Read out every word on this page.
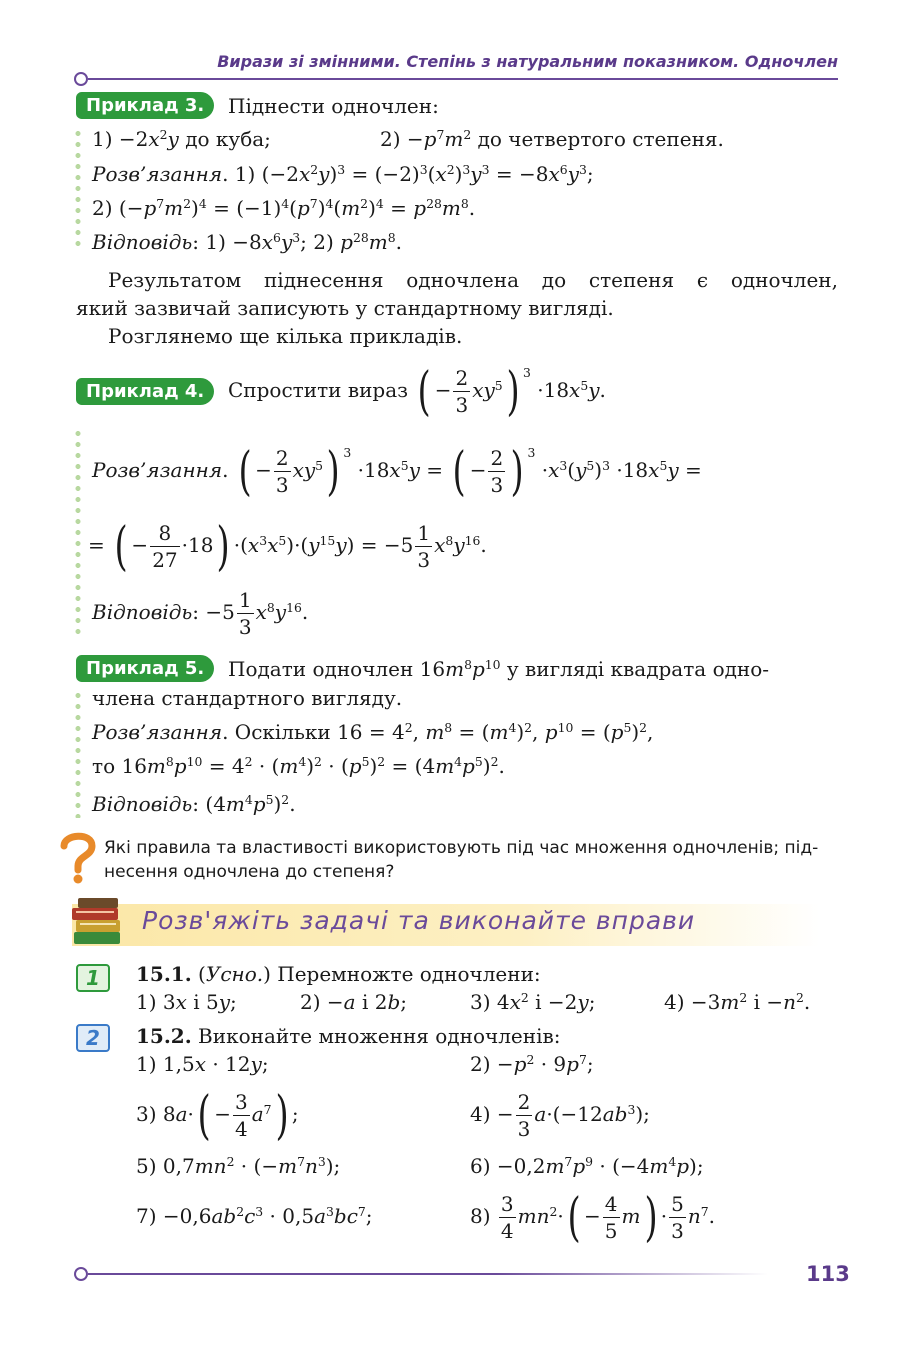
Вирази зі змінними. Степінь з натуральним показником. Одночлен
Приклад 3.	Піднести одночлен:
$1) -2x^2y$ до куба;	$2) -p^7m^2$ до четвертого степеня.
Розв’язання. 1) $(-2x^2y)^3 = (-2)^3(x^2)^3y^3 = -8x^6y^3$;
2) $(-p^7m^2)^4 = (-1)^4(p^7)^4(m^2)^4 = p^{28}m^8$.
Відповідь: $1) -8x^6y^3$; 2) $p^{28}m^8$.
Результатом піднесення одночлена до степеня є одночлен,
який зазвичай записують у стандартному вигляді.
Розглянемо ще кілька прикладів.
Приклад 4.	Спростити вираз ( − $\frac{2}{3} xy^5$) $^3 \cdot 18x^5y$.
Розв’язання. ( − $\frac{2}{3} xy^5$) $^3 \cdot 18x^5y$ = ( − $\frac{2}{3}$ ) $^3 \cdot x^3(y^5)^3 \cdot 18x^5y$ =
= ( − $\frac{8}{27} \cdot 18) \cdot(x^3x^5)\cdot(y^{15}y) = -5 \frac{1}{3} x^8y^{16}$.
Відповідь: $-5 \frac{1}{3} x^8y^{16}$.
Приклад 5.	Подати одночлен $16m^8p^{10}$ у вигляді квадрата одно-
члена стандартного вигляду.
Розв’язання. Оскільки $16 = 4^2$, $m^8 = (m^4)^2$, $p^{10} = (p^5)^2$,
то $16m^8p^{10} = 4^2 \cdot (m^4)^2 \cdot (p^5)^2 = (4m^4p^5)^2$.
Відповідь: $(4m^4p^5)^2$.
Які правила та властивості використовують під час множення одночленів; під-
несення одночлена до степеня?
Розв'яжіть задачі та виконайте вправи
1	15.1. (Усно.) Перемножте одночлени:
1) 3x і 5y;	2) −a і 2b;	3) $4x^2$ і −2y;	$4) -3m^2$ $і -n^2$.
2	15.2. Виконайте множення одночленів:
1) 1,5x · 12y;	$2) -p^2 \cdot 9p^7$;
3) $8a\cdot( - \frac{3}{4} a^7)$ ;	$4) - \frac{2}{3} a\cdot(-12ab^3)$;
5) $0,7mn^2 \cdot (-m^7n^3)$;	$6) -0,2m^7p^9 \cdot (-4m^4p)$;
$7) -0,6ab^2c^3 \cdot 0,5a^3bc^7$;	$8) \frac{3}{4} mn^2\cdot( - \frac{4}{5} m) \cdot \frac{5}{3} n^7$.
113
